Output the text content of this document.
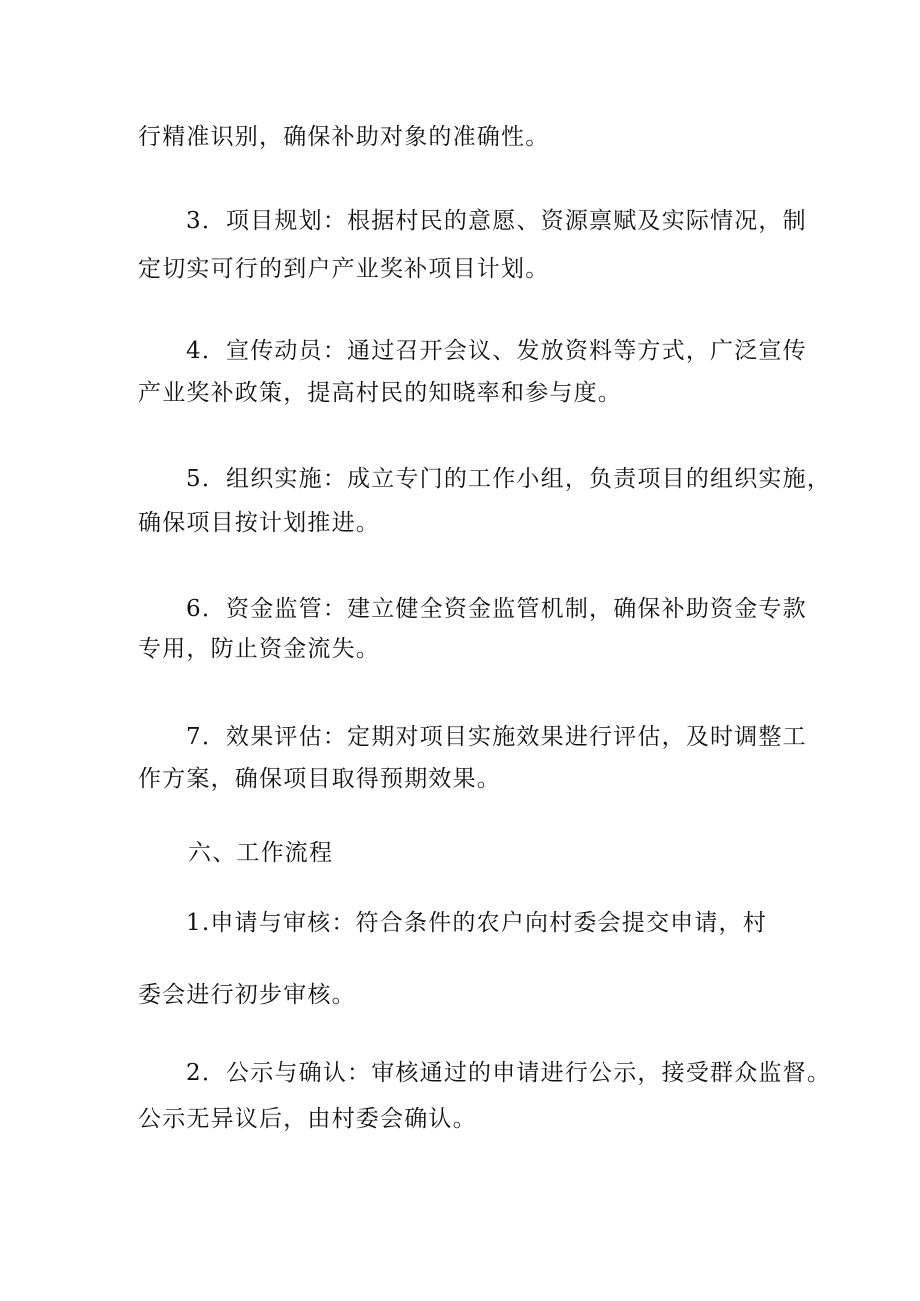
行精准识别，确保补助对象的准确性。
3．项目规划：根据村民的意愿、资源禀赋及实际情况，制
定切实可行的到户产业奖补项目计划。
4．宣传动员：通过召开会议、发放资料等方式，广泛宣传
产业奖补政策，提高村民的知晓率和参与度。
5．组织实施：成立专门的工作小组，负责项目的组织实施，
确保项目按计划推进。
6．资金监管：建立健全资金监管机制，确保补助资金专款
专用，防止资金流失。
7．效果评估：定期对项目实施效果进行评估，及时调整工
作方案，确保项目取得预期效果。
六、工作流程
1.申请与审核：符合条件的农户向村委会提交申请，村
委会进行初步审核。
2．公示与确认：审核通过的申请进行公示，接受群众监督。
公示无异议后，由村委会确认。
